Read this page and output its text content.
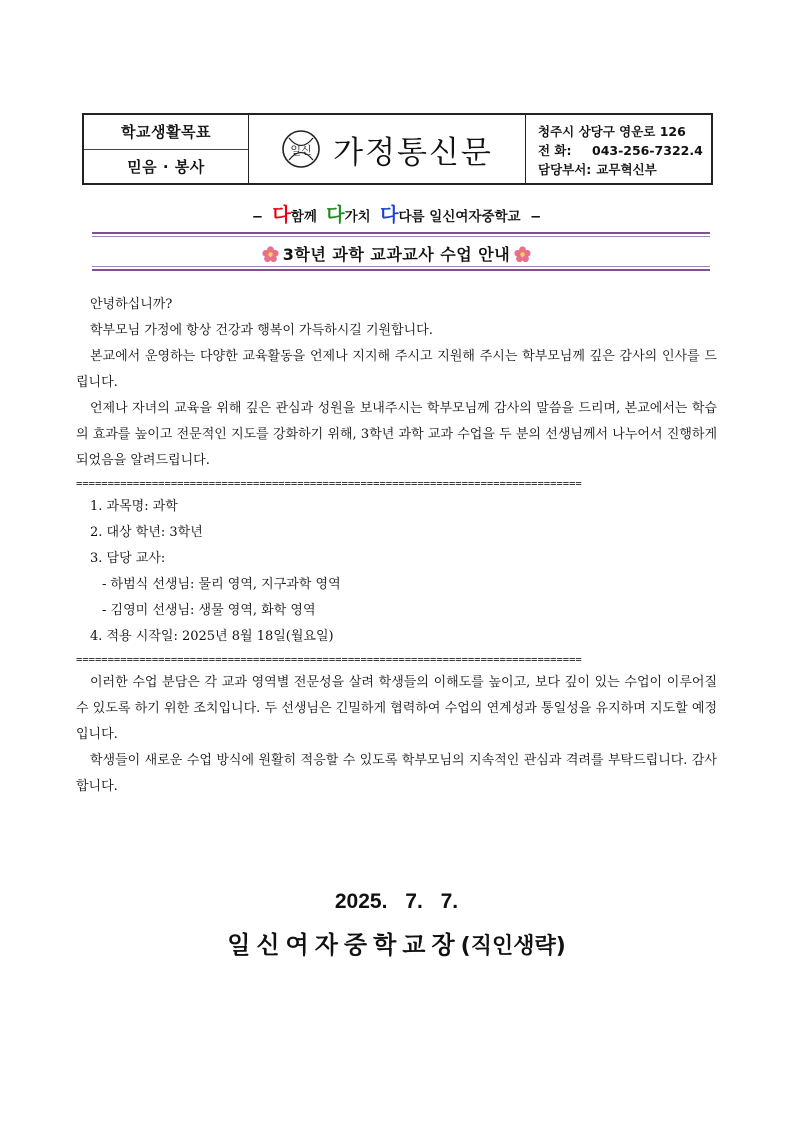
학교생활목표
믿음 · 봉사
일신 가정통신문
청주시 상당구 영운로 126
전 화: 043-256-7322.4
담당부서: 교무혁신부
− 다함께 다가치 다다름 일신여자중학교 −
3학년 과학 교과교사 수업 안내

안녕하십니까?

학부모님 가정에 항상 건강과 행복이 가득하시길 기원합니다.

본교에서 운영하는 다양한 교육활동을 언제나 지지해 주시고 지원해 주시는 학부모님께 깊은 감사의 인사를 드립니다.

언제나 자녀의 교육을 위해 깊은 관심과 성원을 보내주시는 학부모님께 감사의 말씀을 드리며, 본교에서는 학습의 효과를 높이고 전문적인 지도를 강화하기 위해, 3학년 과학 교과 수업을 두 분의 선생님께서 나누어서 진행하게 되었음을 알려드립니다.

================================================================================
1. 과목명: 과학
2. 대상 학년: 3학년
3. 담당 교사:
- 하범식 선생님: 물리 영역, 지구과학 영역
- 김영미 선생님: 생물 영역, 화학 영역
4. 적용 시작일: 2025년 8월 18일(월요일)
================================================================================

이러한 수업 분담은 각 교과 영역별 전문성을 살려 학생들의 이해도를 높이고, 보다 깊이 있는 수업이 이루어질 수 있도록 하기 위한 조치입니다. 두 선생님은 긴밀하게 협력하여 수업의 연계성과 통일성을 유지하며 지도할 예정입니다.

학생들이 새로운 수업 방식에 원활히 적응할 수 있도록 학부모님의 지속적인 관심과 격려를 부탁드립니다. 감사합니다.

2025. 7. 7.
일신여자중학교장(직인생략)
